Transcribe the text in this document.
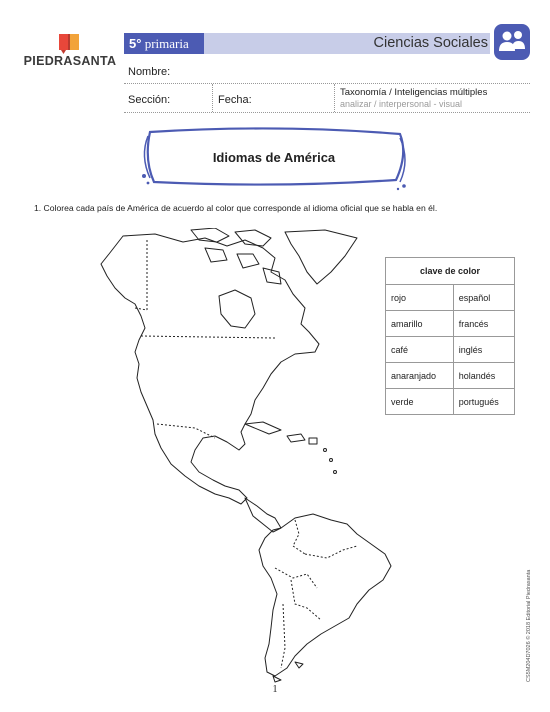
PIEDRASANTA
5° primaria	Ciencias Sociales
Nombre:
Sección:	Fecha:
Taxonomía / Inteligencias múltiples
analizar / interpersonal - visual
Idiomas de América
1. Colorea cada país de América de acuerdo al color que corresponde al idioma oficial que se habla en él.
clave de color	
rojo	español
amarillo	francés
café	inglés
anaranjado	holandés
verde	portugués
1
CS5M204D7026 © 2018 Editorial Piedrasanta
